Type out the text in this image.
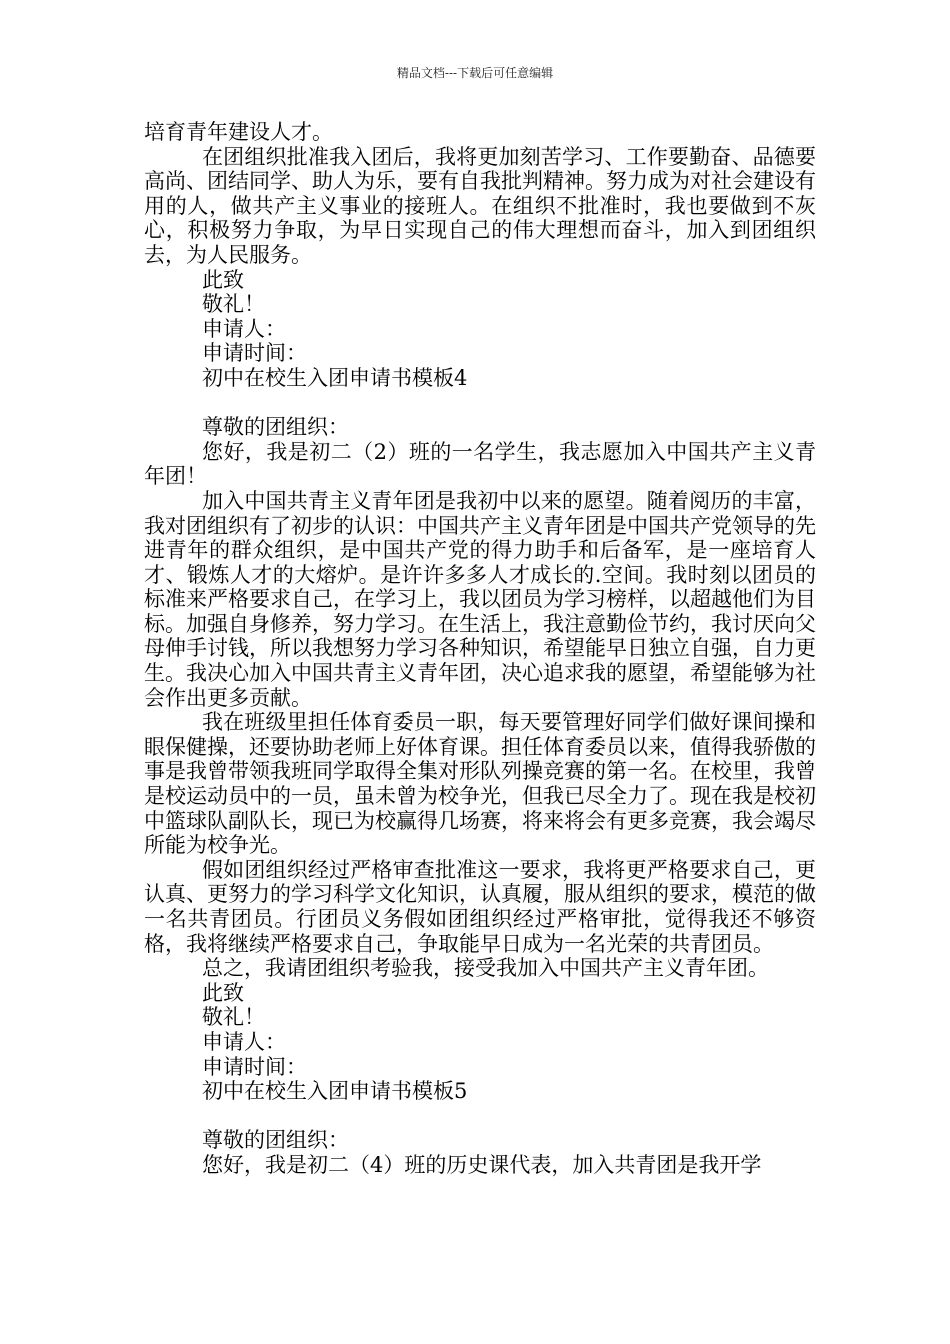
精品文档---下载后可任意编辑
培育青年建设人才。
在团组织批准我入团后，我将更加刻苦学习、工作要勤奋、品德要高尚、团结同学、助人为乐，要有自我批判精神。努力成为对社会建设有用的人，做共产主义事业的接班人。在组织不批准时，我也要做到不灰心，积极努力争取，为早日实现自己的伟大理想而奋斗，加入到团组织去，为人民服务。
此致
敬礼！
申请人：
申请时间：
初中在校生入团申请书模板4
尊敬的团组织：
您好，我是初二（2）班的一名学生，我志愿加入中国共产主义青年团！
加入中国共青主义青年团是我初中以来的愿望。随着阅历的丰富，我对团组织有了初步的认识：中国共产主义青年团是中国共产党领导的先进青年的群众组织，是中国共产党的得力助手和后备军，是一座培育人才、锻炼人才的大熔炉。是许许多多人才成长的.空间。我时刻以团员的标准来严格要求自己，在学习上，我以团员为学习榜样，以超越他们为目标。加强自身修养，努力学习。在生活上，我注意勤俭节约，我讨厌向父母伸手讨钱，所以我想努力学习各种知识，希望能早日独立自强，自力更生。我决心加入中国共青主义青年团，决心追求我的愿望，希望能够为社会作出更多贡献。
我在班级里担任体育委员一职，每天要管理好同学们做好课间操和眼保健操，还要协助老师上好体育课。担任体育委员以来，值得我骄傲的事是我曾带领我班同学取得全集对形队列操竞赛的第一名。在校里，我曾是校运动员中的一员，虽未曾为校争光，但我已尽全力了。现在我是校初中篮球队副队长，现已为校赢得几场赛，将来将会有更多竞赛，我会竭尽所能为校争光。
假如团组织经过严格审查批准这一要求，我将更严格要求自己，更认真、更努力的学习科学文化知识，认真履，服从组织的要求，模范的做一名共青团员。行团员义务假如团组织经过严格审批，觉得我还不够资格，我将继续严格要求自己，争取能早日成为一名光荣的共青团员。
总之，我请团组织考验我，接受我加入中国共产主义青年团。
此致
敬礼！
申请人：
申请时间：
初中在校生入团申请书模板5
尊敬的团组织：
您好，我是初二（4）班的历史课代表，加入共青团是我开学
